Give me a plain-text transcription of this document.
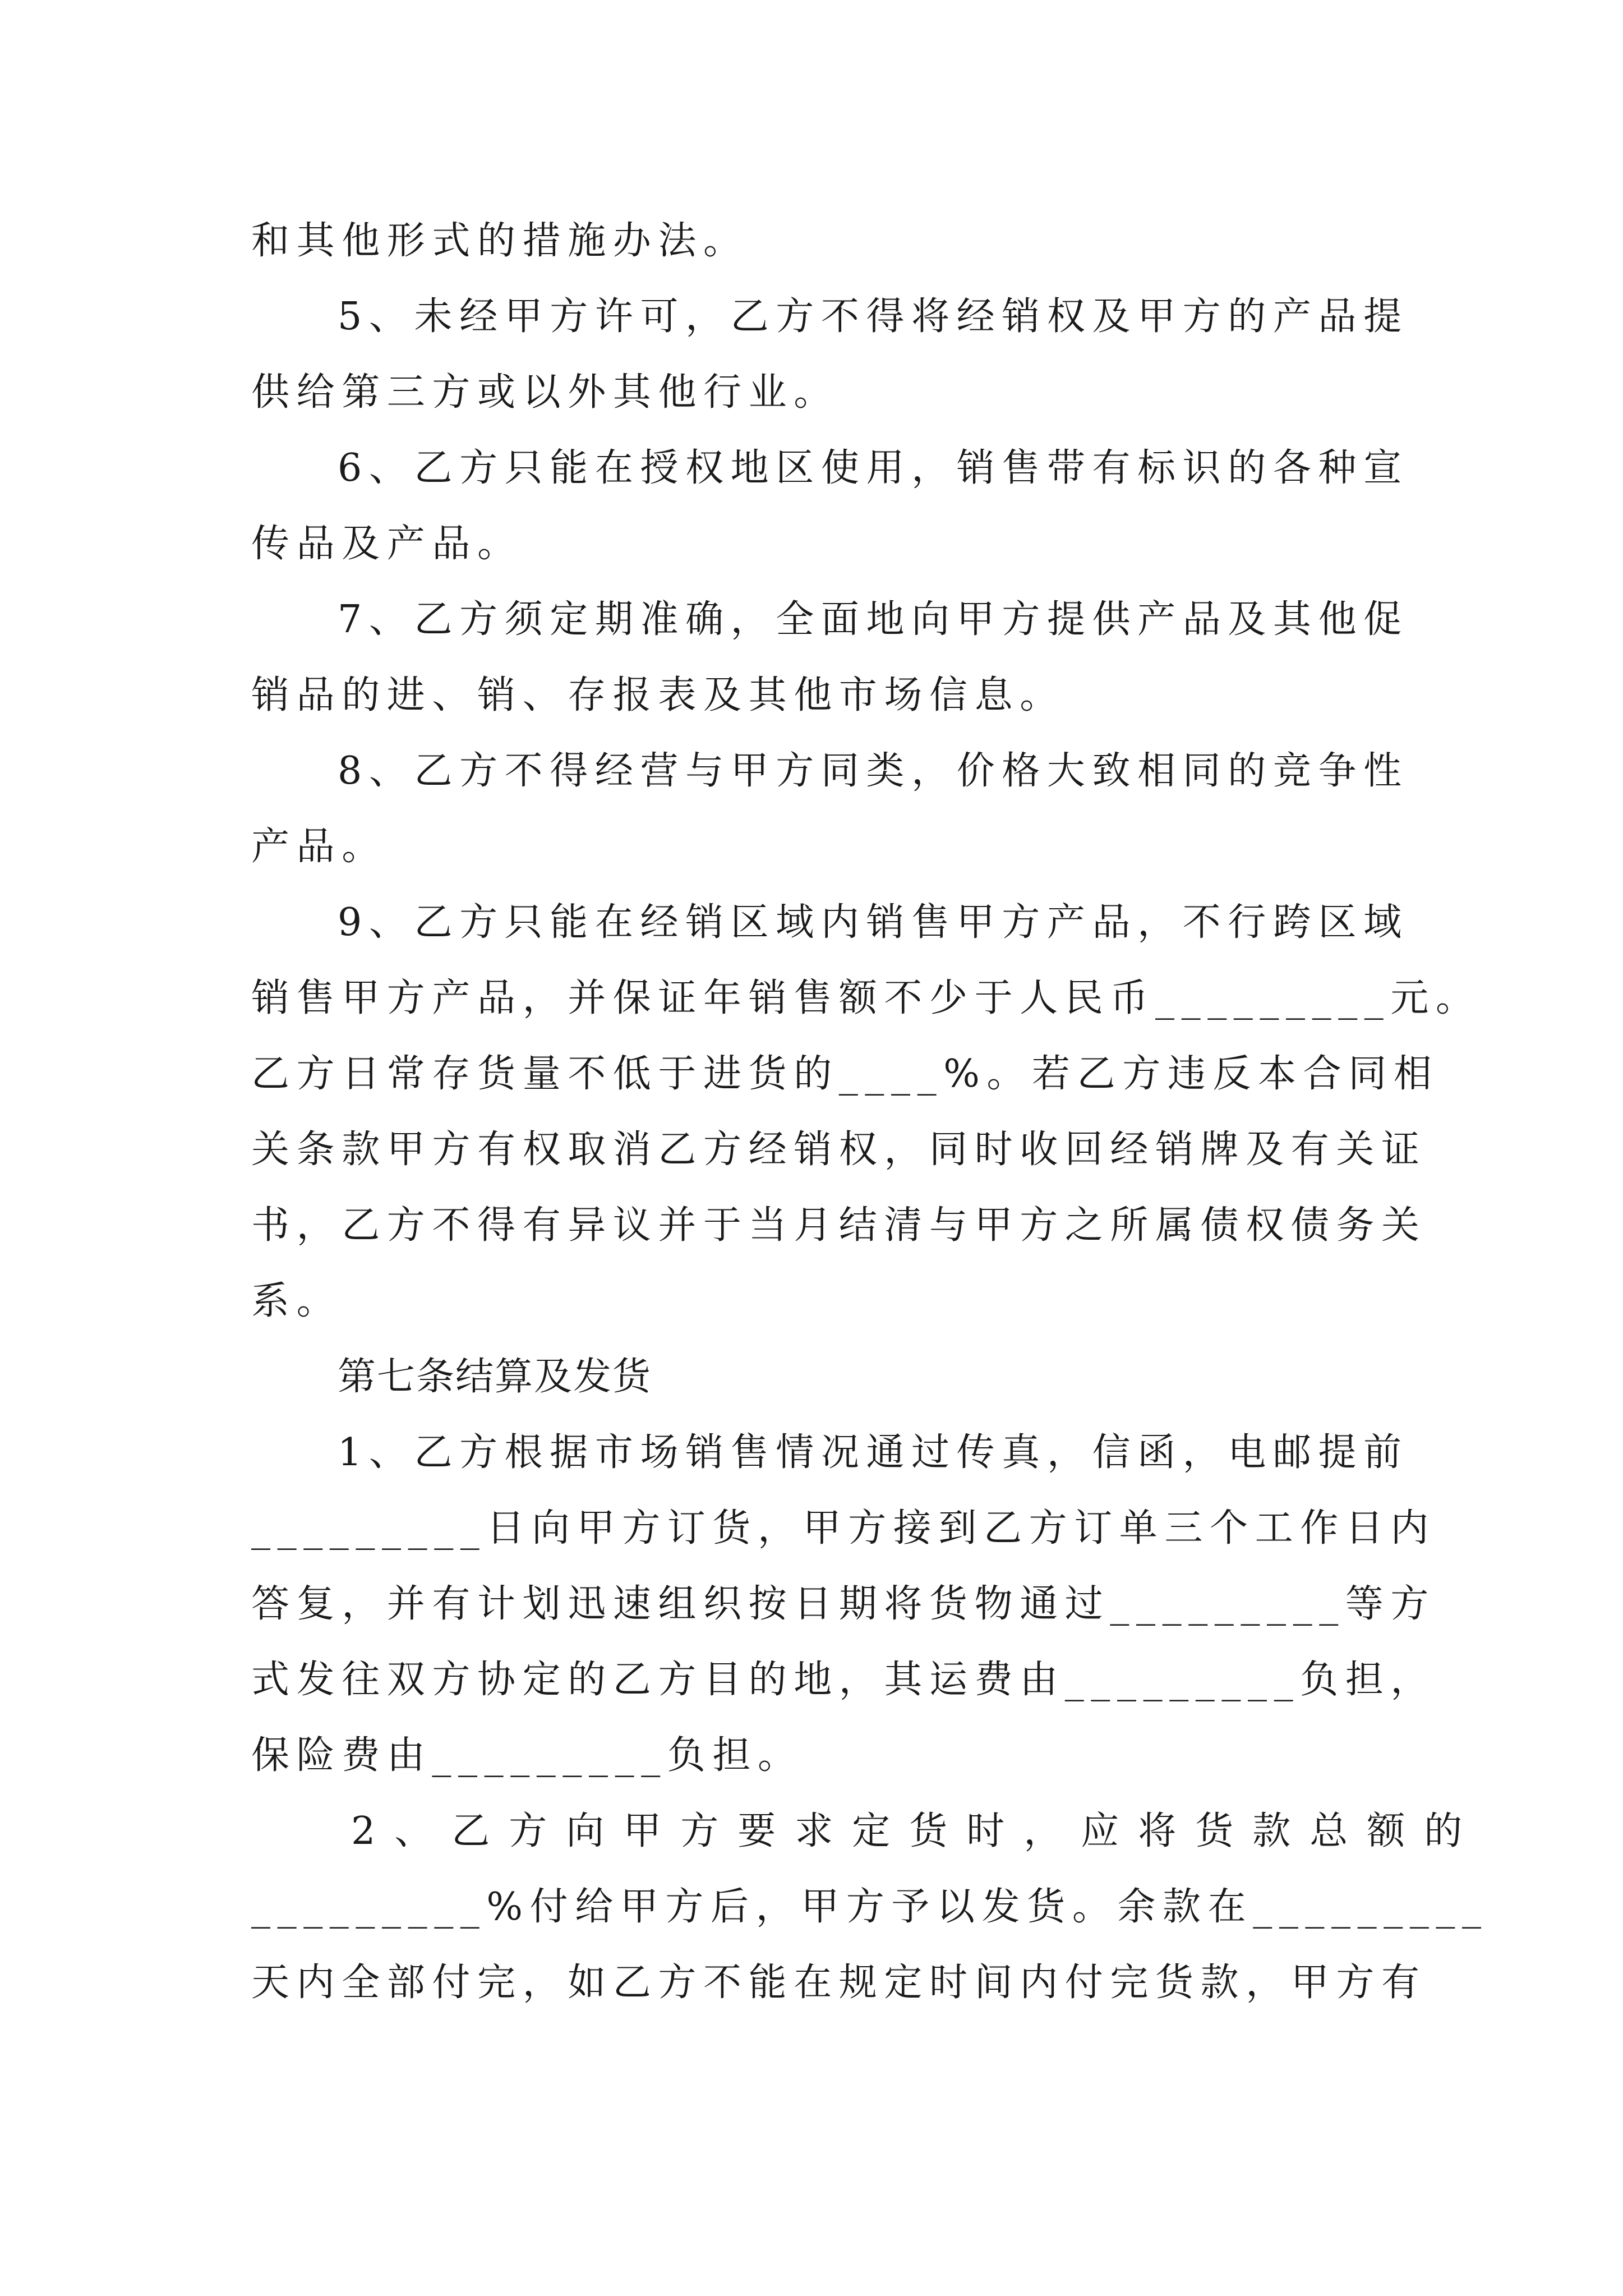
和其他形式的措施办法。
5、未经甲方许可，乙方不得将经销权及甲方的产品提
供给第三方或以外其他行业。
6、乙方只能在授权地区使用，销售带有标识的各种宣
传品及产品。
7、乙方须定期准确，全面地向甲方提供产品及其他促
销品的进、销、存报表及其他市场信息。
8、乙方不得经营与甲方同类，价格大致相同的竞争性
产品。
9、乙方只能在经销区域内销售甲方产品，不行跨区域
销售甲方产品，并保证年销售额不少于人民币_________元。
乙方日常存货量不低于进货的____%。若乙方违反本合同相
关条款甲方有权取消乙方经销权，同时收回经销牌及有关证
书，乙方不得有异议并于当月结清与甲方之所属债权债务关
系。
第七条结算及发货
1、乙方根据市场销售情况通过传真，信函，电邮提前
_________日向甲方订货，甲方接到乙方订单三个工作日内
答复，并有计划迅速组织按日期将货物通过_________等方
式发往双方协定的乙方目的地，其运费由_________负担，
保险费由_________负担。
2、乙方向甲方要求定货时，应将货款总额的
_________%付给甲方后，甲方予以发货。余款在_________
天内全部付完，如乙方不能在规定时间内付完货款，甲方有
